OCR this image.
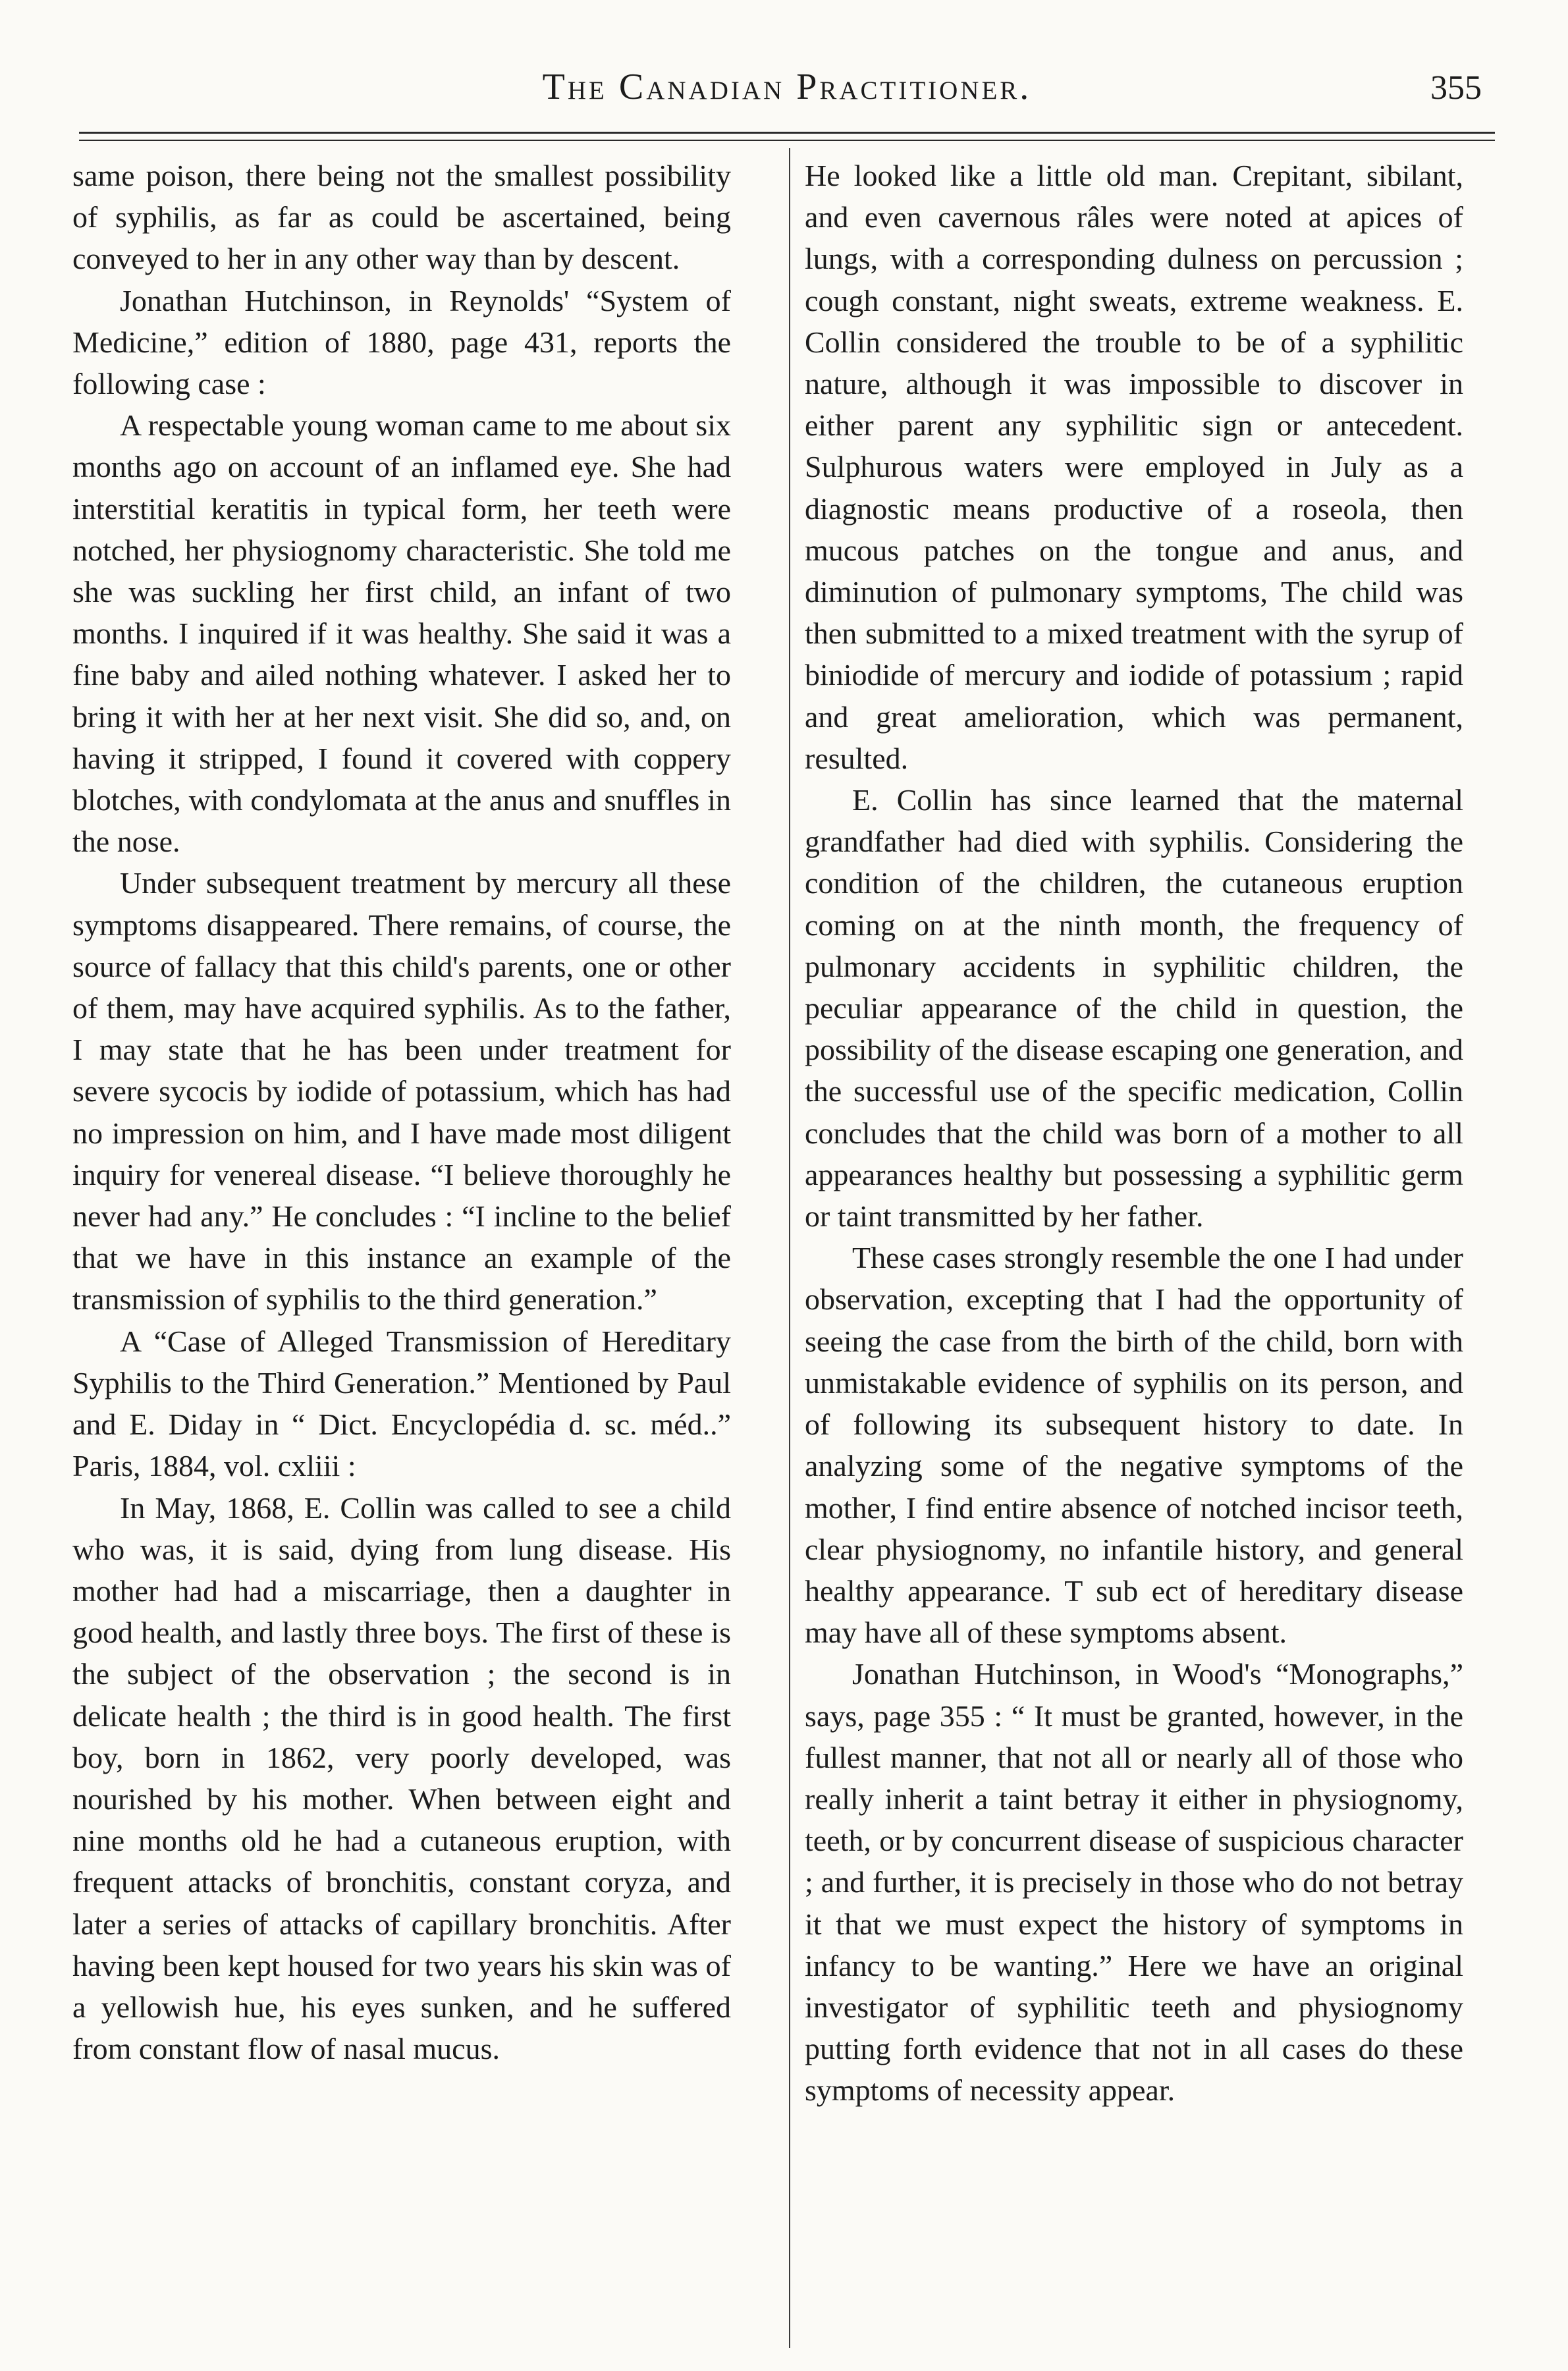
The Canadian Practitioner.	355

same poison, there being not the smallest possibility of syphilis, as far as could be ascertained, being conveyed to her in any other way than by descent.

Jonathan Hutchinson, in Reynolds' “System of Medicine,” edition of 1880, page 431, reports the following case :

A respectable young woman came to me about six months ago on account of an inflamed eye. She had interstitial keratitis in typical form, her teeth were notched, her physiognomy characteristic. She told me she was suckling her first child, an infant of two months. I inquired if it was healthy. She said it was a fine baby and ailed nothing whatever. I asked her to bring it with her at her next visit. She did so, and, on having it stripped, I found it covered with coppery blotches, with condylomata at the anus and snuffles in the nose.

Under subsequent treatment by mercury all these symptoms disappeared. There remains, of course, the source of fallacy that this child's parents, one or other of them, may have acquired syphilis. As to the father, I may state that he has been under treatment for severe sycocis by iodide of potassium, which has had no impression on him, and I have made most diligent inquiry for venereal disease. “I believe thoroughly he never had any.” He concludes : “I incline to the belief that we have in this instance an example of the transmission of syphilis to the third generation.”

A “Case of Alleged Transmission of Hereditary Syphilis to the Third Generation.” Mentioned by Paul and E. Diday in “ Dict. Encyclopédia d. sc. méd..” Paris, 1884, vol. cxliii :

In May, 1868, E. Collin was called to see a child who was, it is said, dying from lung disease. His mother had had a miscarriage, then a daughter in good health, and lastly three boys. The first of these is the subject of the observation ; the second is in delicate health ; the third is in good health. The first boy, born in 1862, very poorly developed, was nourished by his mother. When between eight and nine months old he had a cutaneous eruption, with frequent attacks of bronchitis, constant coryza, and later a series of attacks of capillary bronchitis. After having been kept housed for two years his skin was of a yellowish hue, his eyes sunken, and he suffered from constant flow of nasal mucus.

He looked like a little old man. Crepitant, sibilant, and even cavernous râles were noted at apices of lungs, with a corresponding dulness on percussion ; cough constant, night sweats, extreme weakness. E. Collin considered the trouble to be of a syphilitic nature, although it was impossible to discover in either parent any syphilitic sign or antecedent. Sulphurous waters were employed in July as a diagnostic means productive of a roseola, then mucous patches on the tongue and anus, and diminution of pulmonary symptoms, The child was then submitted to a mixed treatment with the syrup of biniodide of mercury and iodide of potassium ; rapid and great amelioration, which was permanent, resulted.

E. Collin has since learned that the maternal grandfather had died with syphilis. Considering the condition of the children, the cutaneous eruption coming on at the ninth month, the frequency of pulmonary accidents in syphilitic children, the peculiar appearance of the child in question, the possibility of the disease escaping one generation, and the successful use of the specific medication, Collin concludes that the child was born of a mother to all appearances healthy but possessing a syphilitic germ or taint transmitted by her father.

These cases strongly resemble the one I had under observation, excepting that I had the opportunity of seeing the case from the birth of the child, born with unmistakable evidence of syphilis on its person, and of following its subsequent history to date. In analyzing some of the negative symptoms of the mother, I find entire absence of notched incisor teeth, clear physiognomy, no infantile history, and general healthy appearance. T sub ect of hereditary disease may have all of these symptoms absent.

Jonathan Hutchinson, in Wood's “Monographs,” says, page 355 : “ It must be granted, however, in the fullest manner, that not all or nearly all of those who really inherit a taint betray it either in physiognomy, teeth, or by concurrent disease of suspicious character ; and further, it is precisely in those who do not betray it that we must expect the history of symptoms in infancy to be wanting.” Here we have an original investigator of syphilitic teeth and physiognomy putting forth evidence that not in all cases do these symptoms of necessity appear.
